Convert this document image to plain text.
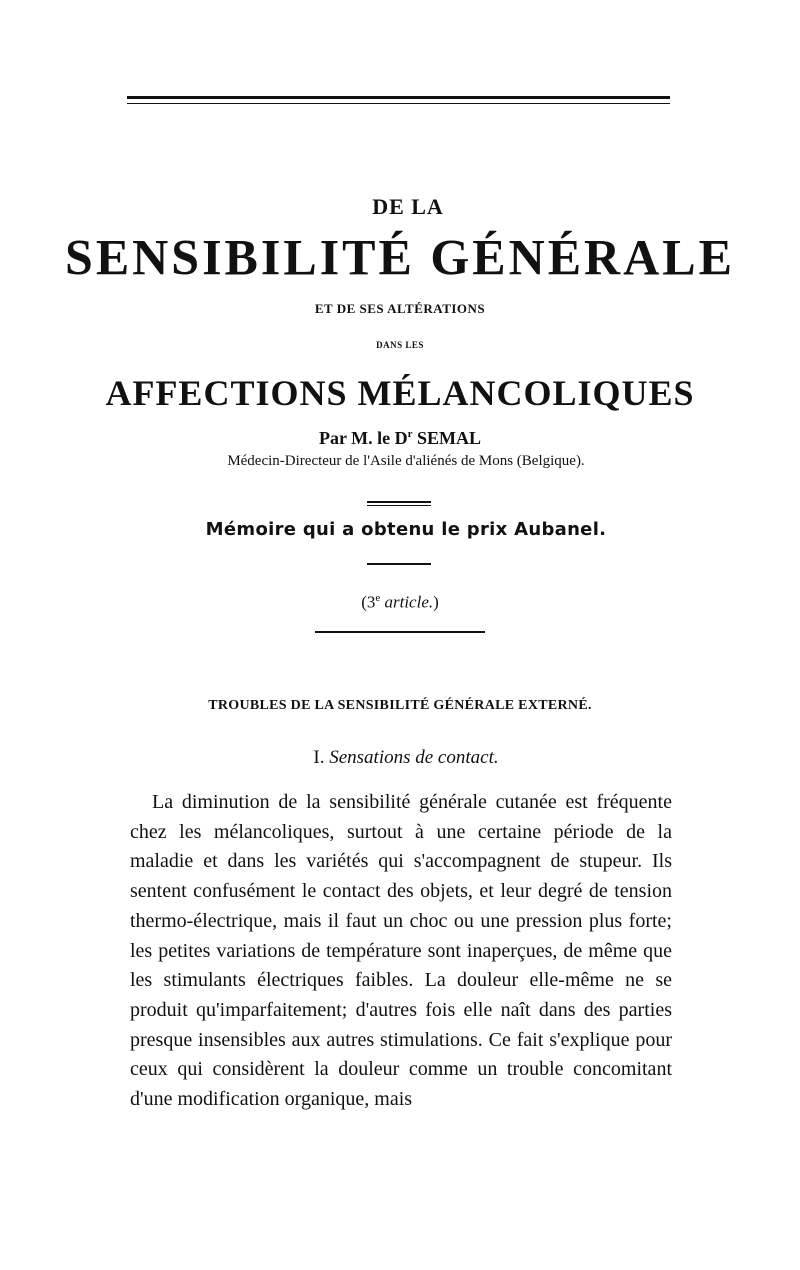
DE LA
SENSIBILITÉ GÉNÉRALE
ET DE SES ALTÉRATIONS
DANS LES
AFFECTIONS MÉLANCOLIQUES
Par M. le $D^r$ SEMAL
Médecin-Directeur de l'Asile d'aliénés de Mons (Belgique).
Mémoire qui a obtenu le prix Aubanel.
(3e article.)
TROUBLES DE LA SENSIBILITÉ GÉNÉRALE EXTERNÉ.
I. Sensations de contact.

La diminution de la sensibilité générale cutanée est fréquente chez les mélancoliques, surtout à une certaine période de la maladie et dans les variétés qui s'accompagnent de stupeur. Ils sentent confusément le contact des objets, et leur degré de tension thermo-électrique, mais il faut un choc ou une pression plus forte; les petites variations de température sont inaperçues, de même que les stimulants électriques faibles. La douleur elle-même ne se produit qu'imparfaitement; d'autres fois elle naît dans des parties presque insensibles aux autres stimulations. Ce fait s'explique pour ceux qui considèrent la douleur comme un trouble concomitant d'une modification organique, mais
